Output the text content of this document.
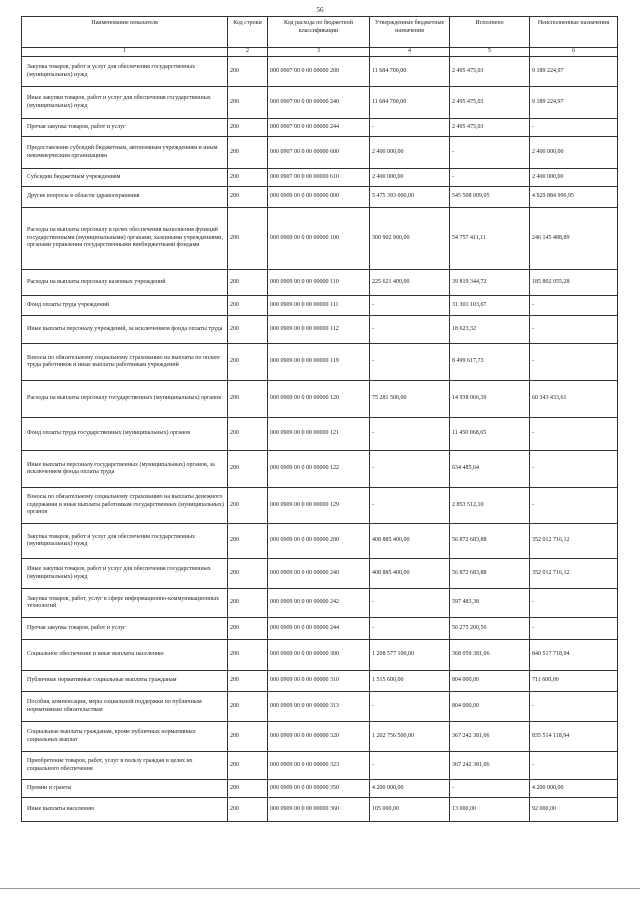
56
Наименование показателя	Код строки	Код расхода по бюджетной классификации	Утвержденные бюджетные назначения	Исполнено	Неисполненные назначения
1	2	3	4	5	6
Закупка товаров, работ и услуг для обеспечения государственных (муниципальных) нужд	200	000 0907 00 0 00 00000 200	11 684 700,00	2 495 475,03	9 189 224,97
Иные закупки товаров, работ и услуг для обеспечения государственных (муниципальных) нужд	200	000 0907 00 0 00 00000 240	11 684 700,00	2 495 475,03	9 189 224,97
Прочая закупка товаров, работ и услуг	200	000 0907 00 0 00 00000 244	-	2 495 475,03	-
Предоставление субсидий бюджетным, автономным учреждениям и иным некоммерческим организациям	200	000 0907 00 0 00 00000 600	2 400 000,00	-	2 400 000,00
Субсидии бюджетным учреждениям	200	000 0907 00 0 00 00000 610	2 400 000,00	-	2 400 000,00
Другие вопросы в области здравоохранения	200	000 0909 00 0 00 00000 000	5 475 393 000,00	545 508 009,05	4 929 884 990,95
Расходы на выплаты персоналу в целях обеспечения выполнения функций государственными (муниципальными) органами, казенными учреждениями, органами управления государственными внебюджетными фондами	200	000 0909 00 0 00 00000 100	300 902 900,00	54 757 411,11	246 145 488,89
Расходы на выплаты персоналу казенных учреждений	200	000 0909 00 0 00 00000 110	225 621 400,00	39 819 344,72	185 802 055,28
Фонд оплаты труда учреждений	200	000 0909 00 0 00 00000 111	-	31 301 103,67	-
Иные выплаты персоналу учреждений, за исключением фонда оплаты труда	200	000 0909 00 0 00 00000 112	-	18 623,32	-
Взносы по обязательному социальному страхованию на выплаты по оплате труда работников и иные выплаты работникам учреждений	200	000 0909 00 0 00 00000 119	-	8 499 617,73	-
Расходы на выплаты персоналу государственных (муниципальных) органов	200	000 0909 00 0 00 00000 120	75 281 500,00	14 938 066,39	60 343 433,61
Фонд оплаты труда государственных (муниципальных) органов	200	000 0909 00 0 00 00000 121	-	11 450 068,65	-
Иные выплаты персоналу государственных (муниципальных) органов, за исключением фонда оплаты труда	200	000 0909 00 0 00 00000 122	-	634 485,64	-
Взносы по обязательному социальному страхованию на выплаты денежного содержания и иные выплаты работникам государственных (муниципальных) органов	200	000 0909 00 0 00 00000 129	-	2 853 512,10	-
Закупка товаров, работ и услуг для обеспечения государственных (муниципальных) нужд	200	000 0909 00 0 00 00000 200	408 885 400,00	56 872 683,88	352 012 716,12
Иные закупки товаров, работ и услуг для обеспечения государственных (муниципальных) нужд	200	000 0909 00 0 00 00000 240	408 885 400,00	56 872 683,88	352 012 716,12
Закупка товаров, работ, услуг в сфере информационно-коммуникационных технологий	200	000 0909 00 0 00 00000 242	-	597 483,38	-
Прочая закупка товаров, работ и услуг	200	000 0909 00 0 00 00000 244	-	56 275 200,50	-
Социальное обеспечение и иные выплаты населению	200	000 0909 00 0 00 00000 300	1 208 577 100,00	368 059 381,06	840 517 718,94
Публичные нормативные социальные выплаты гражданам	200	000 0909 00 0 00 00000 310	1 515 600,00	804 000,00	711 600,00
Пособия, компенсации, меры социальной поддержки по публичным нормативным обязательствам	200	000 0909 00 0 00 00000 313	-	804 000,00	-
Социальные выплаты гражданам, кроме публичных нормативных социальных выплат	200	000 0909 00 0 00 00000 320	1 202 756 500,00	367 242 381,06	835 514 118,94
Приобретение товаров, работ, услуг в пользу граждан в целях их социального обеспечения	200	000 0909 00 0 00 00000 323	-	367 242 381,06	-
Премии и гранты	200	000 0909 00 0 00 00000 350	4 200 000,00	-	4 200 000,00
Иные выплаты населению	200	000 0909 00 0 00 00000 360	105 000,00	13 000,00	92 000,00
